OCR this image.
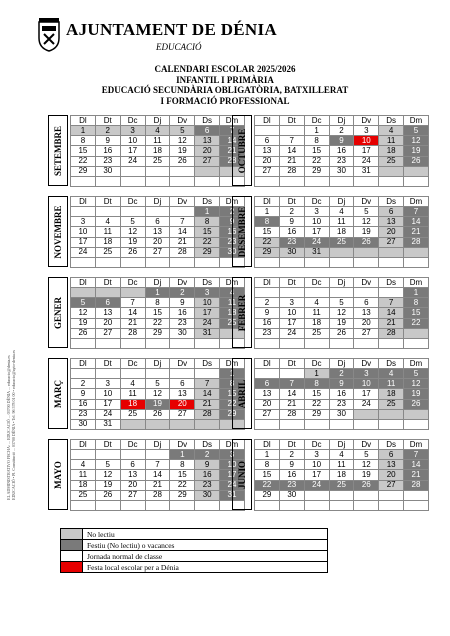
AJUNTAMENT DE DÉNIA
EDUCACIÓ
CALENDARI ESCOLAR 2025/2026
INFANTIL I PRIMÀRIA
EDUCACIÓ SECUNDÀRIA OBLIGATÒRIA, BATXILLERAT
I FORMACIÓ PROFESSIONAL
EL ADMINISTRATIVO FECHA: ... EDUCACIÓ ... 03700 DÉNIA ... educacio@denia.es
EDUCACIÓ • Pl. Constitució ... 03700 DÉNIA • Tel. 96 578 01 00 • educacio@ayto-denia.es
SETEMBRE
Dl	Dt	Dc	Dj	Dv	Ds	Dm
1	2	3	4	5	6	7
8	9	10	11	12	13	14
15	16	17	18	19	20	21
22	23	24	25	26	27	28
29	30					
							OCTUBRE
Dl	Dt	Dc	Dj	Dv	Ds	Dm
		1	2	3	4	5
6	7	8	9	10	11	12
13	14	15	16	17	18	19
20	21	22	23	24	25	26
27	28	29	30	31		

NOVEMBRE
Dl	Dt	Dc	Dj	Dv	Ds	Dm
					1	2
3	4	5	6	7	8	9
10	11	12	13	14	15	16
17	18	19	20	21	22	23
24	25	26	27	28	29	30
						DESEMBRE
Dl	Dt	Dc	Dj	Dv	Ds	Dm
1	2	3	4	5	6	7
8	9	10	11	12	13	14
15	16	17	18	19	20	21
22	23	24	25	26	27	28
29	30	31				

GENER
Dl	Dt	Dc	Dj	Dv	Ds	Dm
			1	2	3	4
5	6	7	8	9	10	11
12	13	14	15	16	17	18
19	20	21	22	23	24	25
26	27	28	29	30	31	

FEBRER
Dl	Dt	Dc	Dj	Dv	Ds	Dm
						1
2	3	4	5	6	7	8
9	10	11	12	13	14	15
16	17	18	19	20	21	22
23	24	25	26	27	28	

MARÇ
Dl	Dt	Dc	Dj	Dv	Ds	Dm
						1
2	3	4	5	6	7	8
9	10	11	12	13	14	15
16	17	18	19	20	21	22
23	24	25	26	27	28	29
30	31					
ABRIL
Dl	Dt	Dc	Dj	Dv	Ds	Dm
		1	2	3	4	5
6	7	8	9	10	11	12
13	14	15	16	17	18	19
20	21	22	23	24	25	26
27	28	29	30			

MAYO
Dl	Dt	Dc	Dj	Dv	Ds	Dm
				1	2	3
4	5	6	7	8	9	10
11	12	13	14	15	16	17
18	19	20	21	22	23	24
25	26	27	28	29	30	31

JUNIO
Dl	Dt	Dc	Dj	Dv	Ds	Dm
1	2	3	4	5	6	7
8	9	10	11	12	13	14
15	16	17	18	19	20	21
22	23	24	25	26	27	28
29	30					

	No lectiu
	Festiu (No lectiu) o vacances
	Jornada normal de classe
	Festa local escolar per a Dénia
